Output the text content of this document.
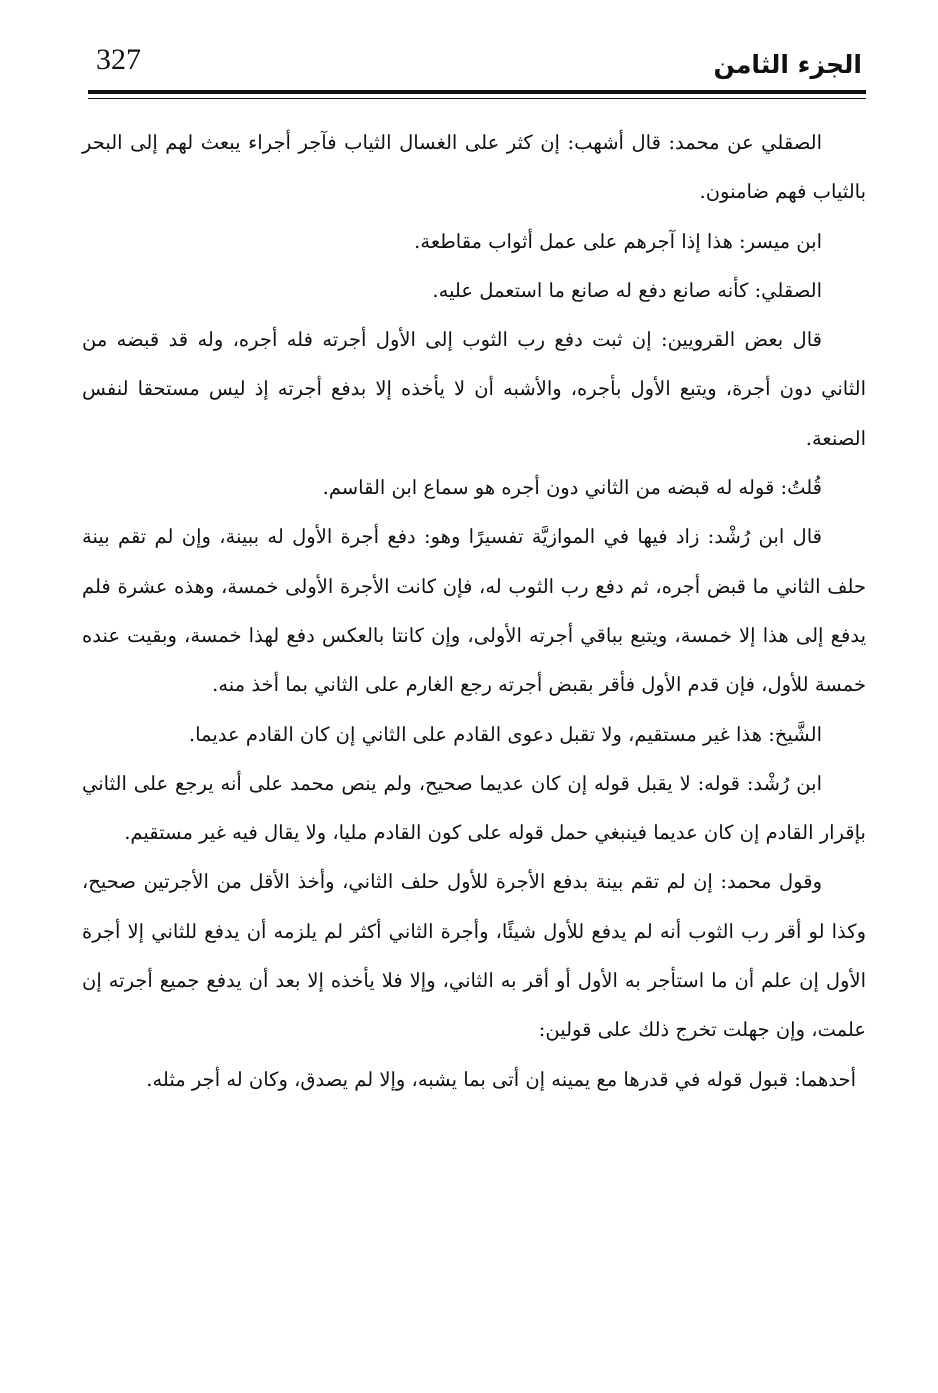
327	الجزء الثامن

الصقلي عن محمد: قال أشهب: إن كثر على الغسال الثياب فآجر أجراء يبعث لهم إلى البحر بالثياب فهم ضامنون.

ابن ميسر: هذا إذا آجرهم على عمل أثواب مقاطعة.

الصقلي: كأنه صانع دفع له صانع ما استعمل عليه.

قال بعض القرويين: إن ثبت دفع رب الثوب إلى الأول أجرته فله أجره، وله قد قبضه من الثاني دون أجرة، ويتبع الأول بأجره، والأشبه أن لا يأخذه إلا بدفع أجرته إذ ليس مستحقا لنفس الصنعة.

قُلتُ: قوله له قبضه من الثاني دون أجره هو سماع ابن القاسم.

قال ابن رُشْد: زاد فيها في الموازيَّة تفسيرًا وهو: دفع أجرة الأول له ببينة، وإن لم تقم بينة حلف الثاني ما قبض أجره، ثم دفع رب الثوب له، فإن كانت الأجرة الأولى خمسة، وهذه عشرة فلم يدفع إلى هذا إلا خمسة، ويتبع بباقي أجرته الأولى، وإن كانتا بالعكس دفع لهذا خمسة، وبقيت عنده خمسة للأول، فإن قدم الأول فأقر بقبض أجرته رجع الغارم على الثاني بما أخذ منه.

الشَّيخ: هذا غير مستقيم، ولا تقبل دعوى القادم على الثاني إن كان القادم عديما.

ابن رُشْد: قوله: لا يقبل قوله إن كان عديما صحيح، ولم ينص محمد على أنه يرجع على الثاني بإقرار القادم إن كان عديما فينبغي حمل قوله على كون القادم مليا، ولا يقال فيه غير مستقيم.

وقول محمد: إن لم تقم بينة بدفع الأجرة للأول حلف الثاني، وأخذ الأقل من الأجرتين صحيح، وكذا لو أقر رب الثوب أنه لم يدفع للأول شيئًا، وأجرة الثاني أكثر لم يلزمه أن يدفع للثاني إلا أجرة الأول إن علم أن ما استأجر به الأول أو أقر به الثاني، وإلا فلا يأخذه إلا بعد أن يدفع جميع أجرته إن علمت، وإن جهلت تخرج ذلك على قولين:

أحدهما: قبول قوله في قدرها مع يمينه إن أتى بما يشبه، وإلا لم يصدق، وكان له أجر مثله.
